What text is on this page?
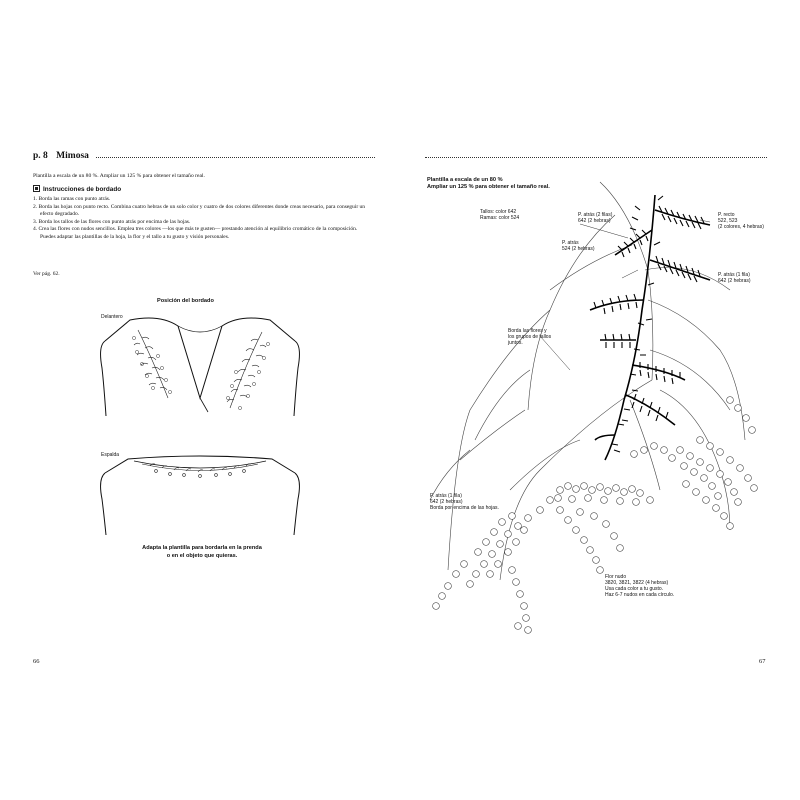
p. 8 Mimosa
Plantilla a escala de un 80 %. Ampliar un 125 % para obtener el tamaño real.
Instrucciones de bordado
1. Borda las ramas con punto atrás.
2. Borda las hojas con punto recto. Combina cuatro hebras de un solo color y cuatro de dos colores diferentes donde creas necesario, para conseguir un efecto degradado.
3. Borda los tallos de las flores con punto atrás por encima de las hojas.
4. Crea las flores con nudos sencillos. Emplea tres colores —los que más te gusten— prestando atención al equilibrio cromático de la composición. Puedes adaptar las plantillas de la hoja, la flor y el tallo a tu gusto y visión personales.
Ver pág. 62.
Posición del bordado
Delantero
Espalda
Adapta la plantilla para bordarla en la prenda
o en el objeto que quieras.
66
Plantilla a escala de un 80 %
Ampliar un 125 % para obtener el tamaño real.
Tallos: color 642
Ramas: color 524	P. atrás (2 filas)
642 (2 hebras)
P. atrás
524 (2 hebras)
P. recto
522, 523
(2 colores, 4 hebras)
P. atrás (1 fila)
642 (2 hebras)
Borda las flores y
los grupos de tallos
juntos.
P. atrás (1 fila)
642 (2 hebras)
Borda por encima de las hojas.
Flor nudo
3820, 3821, 3822 (4 hebras)
Usa cada color a tu gusto.
Haz 6-7 nudos en cada círculo.
67
